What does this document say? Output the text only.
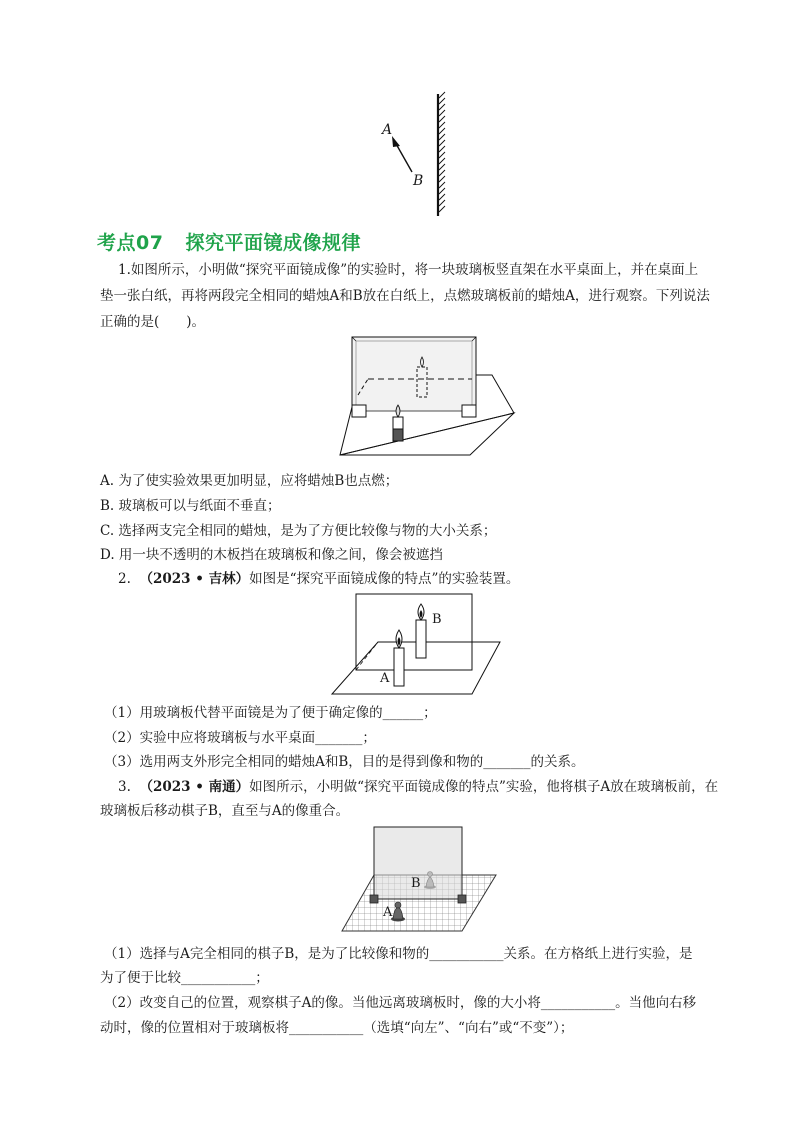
A
B
考点07 探究平面镜成像规律
1.如图所示，小明做“探究平面镜成像”的实验时，将一块玻璃板竖直架在水平桌面上，并在桌面上
垫一张白纸，再将两段完全相同的蜡烛A和B放在白纸上，点燃玻璃板前的蜡烛A，进行观察。下列说法
正确的是(　　)。
A. 为了使实验效果更加明显，应将蜡烛B也点燃；
B. 玻璃板可以与纸面不垂直；
C. 选择两支完全相同的蜡烛，是为了方便比较像与物的大小关系；
D. 用一块不透明的木板挡在玻璃板和像之间，像会被遮挡
2. （2023 • 吉林）如图是“探究平面镜成像的特点”的实验装置。
B
A
（1）用玻璃板代替平面镜是为了便于确定像的______；
（2）实验中应将玻璃板与水平桌面_______；
（3）选用两支外形完全相同的蜡烛A和B，目的是得到像和物的_______的关系。
3. （2023 • 南通）如图所示，小明做“探究平面镜成像的特点”实验，他将棋子A放在玻璃板前，在
玻璃板后移动棋子B，直至与A的像重合。
B
A
（1）选择与A完全相同的棋子B，是为了比较像和物的___________关系。在方格纸上进行实验，是
为了便于比较___________；
（2）改变自己的位置，观察棋子A的像。当他远离玻璃板时，像的大小将___________。当他向右移
动时，像的位置相对于玻璃板将___________（选填“向左”、“向右”或“不变”）；
